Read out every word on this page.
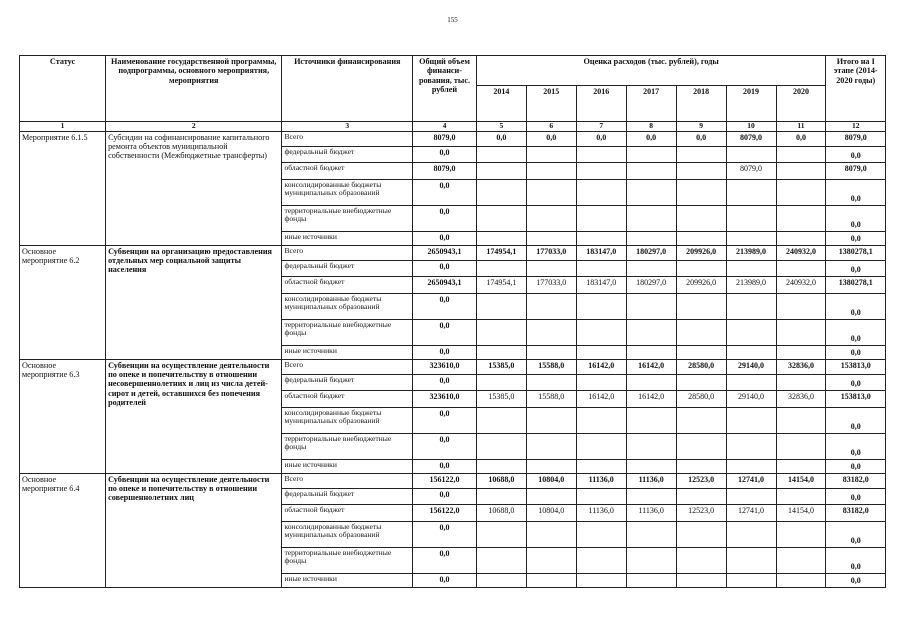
155
Статус	Наименование государственной программы, подпрограммы, основного мероприятия, мероприятия	Источники финансирования	Общий объем финанси-рования, тыс. рублей	Оценка расходов (тыс. рублей), годы							Итого на I этапе (2014-2020 годы)
				2014	2015	2016	2017	2018	2019	2020	
1	2	3	4	5	6	7	8	9	10	11	12
Мероприятие 6.1.5	Субсидии на софинансирование капитального ремонта объектов муниципальной собственности (Межбюджетные трансферты)	Всего	8079,0	0,0	0,0	0,0	0,0	0,0	8079,0	0,0	8079,0
		федеральный бюджет	0,0								0,0
		областной бюджет	8079,0						8079,0		8079,0
		консолидированные бюджеты муниципальных образований	0,0								0,0
		территориальные внебюджетные фонды	0,0								0,0
		иные источники	0,0								0,0
Основное мероприятие 6.2	Субвенции на организацию предоставления отдельных мер социальной защиты населения	Всего	2650943,1	174954,1	177033,0	183147,0	180297,0	209926,0	213989,0	240932,0	1380278,1
		федеральный бюджет	0,0								0,0
		областной бюджет	2650943,1	174954,1	177033,0	183147,0	180297,0	209926,0	213989,0	240932,0	1380278,1
		консолидированные бюджеты муниципальных образований	0,0								0,0
		территориальные внебюджетные фонды	0,0								0,0
		иные источники	0,0								0,0
Основное мероприятие 6.3	Субвенции на осуществление деятельности по опеке и попечительству в отношении несовершеннолетних и лиц из числа детей-сирот и детей, оставшихся без попечения родителей	Всего	323610,0	15385,0	15588,0	16142,0	16142,0	28580,0	29140,0	32836,0	153813,0
		федеральный бюджет	0,0								0,0
		областной бюджет	323610,0	15385,0	15588,0	16142,0	16142,0	28580,0	29140,0	32836,0	153813,0
		консолидированные бюджеты муниципальных образований	0,0								0,0
		территориальные внебюджетные фонды	0,0								0,0
		иные источники	0,0								0,0
Основное мероприятие 6.4	Субвенции на осуществление деятельности по опеке и попечительству в отношении совершеннолетних лиц	Всего	156122,0	10688,0	10804,0	11136,0	11136,0	12523,0	12741,0	14154,0	83182,0
		федеральный бюджет	0,0								0,0
		областной бюджет	156122,0	10688,0	10804,0	11136,0	11136,0	12523,0	12741,0	14154,0	83182,0
		консолидированные бюджеты муниципальных образований	0,0								0,0
		территориальные внебюджетные фонды	0,0								0,0
		иные источники	0,0								0,0
